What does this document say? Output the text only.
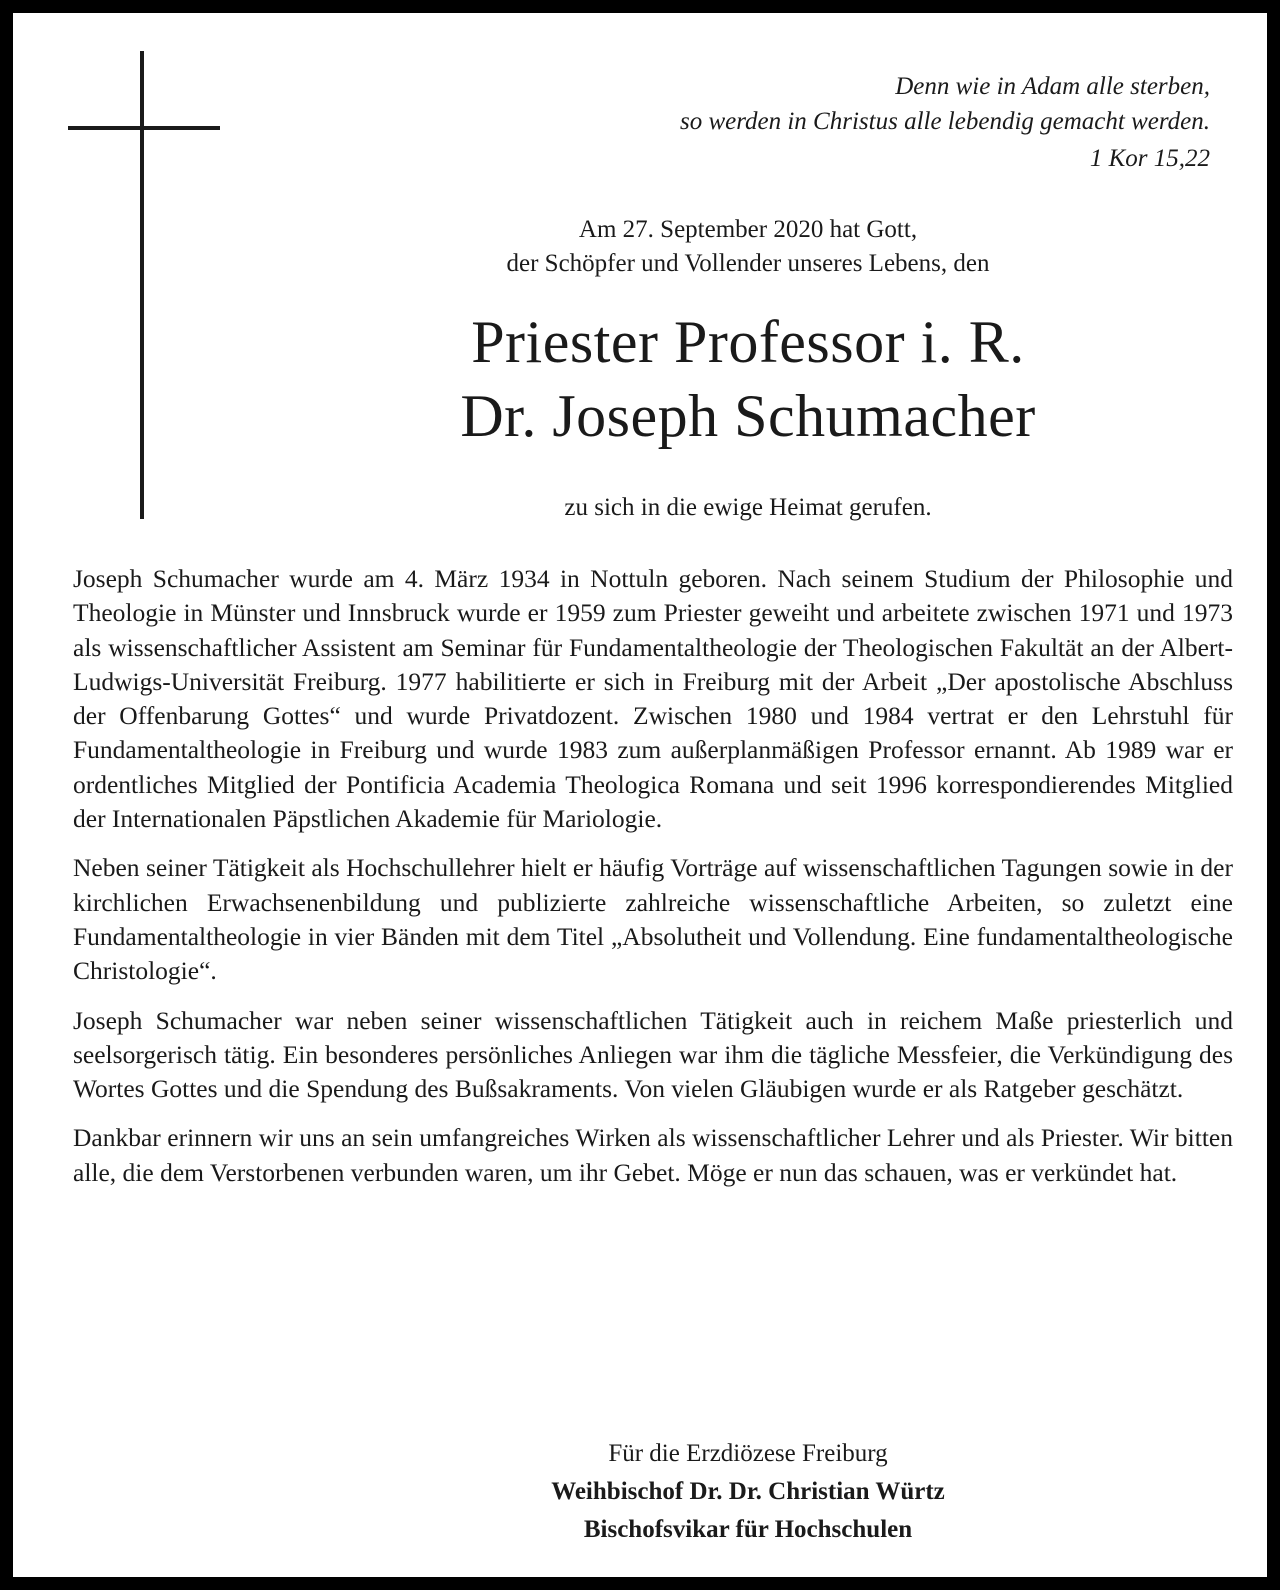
Denn wie in Adam alle sterben,
so werden in Christus alle lebendig gemacht werden.
1 Kor 15,22
Am 27. September 2020 hat Gott,
der Schöpfer und Vollender unseres Lebens, den
Priester Professor i. R.
Dr. Joseph Schumacher
zu sich in die ewige Heimat gerufen.

Joseph Schumacher wurde am 4. März 1934 in Nottuln geboren. Nach seinem Studium der Philosophie und Theologie in Münster und Innsbruck wurde er 1959 zum Priester geweiht und arbeitete zwischen 1971 und 1973 als wissenschaftlicher Assistent am Seminar für Fundamentaltheologie der Theologischen Fakultät an der Albert-Ludwigs-Universität Freiburg. 1977 habilitierte er sich in Freiburg mit der Arbeit „Der apostolische Abschluss der Offenbarung Gottes“ und wurde Privatdozent. Zwischen 1980 und 1984 vertrat er den Lehrstuhl für Fundamentaltheologie in Freiburg und wurde 1983 zum außerplanmäßigen Professor ernannt. Ab 1989 war er ordentliches Mitglied der Pontificia Academia Theologica Romana und seit 1996 korrespondierendes Mitglied der Internationalen Päpstlichen Akademie für Mariologie.

Neben seiner Tätigkeit als Hochschullehrer hielt er häufig Vorträge auf wissenschaftlichen Tagungen sowie in der kirchlichen Erwachsenenbildung und publizierte zahlreiche wissenschaftliche Arbeiten, so zuletzt eine Fundamentaltheologie in vier Bänden mit dem Titel „Absolutheit und Vollendung. Eine fundamentaltheologische Christologie“.

Joseph Schumacher war neben seiner wissenschaftlichen Tätigkeit auch in reichem Maße priesterlich und seelsorgerisch tätig. Ein besonderes persönliches Anliegen war ihm die tägliche Messfeier, die Verkündigung des Wortes Gottes und die Spendung des Bußsakraments. Von vielen Gläubigen wurde er als Ratgeber geschätzt.

Dankbar erinnern wir uns an sein umfangreiches Wirken als wissenschaftlicher Lehrer und als Priester. Wir bitten alle, die dem Verstorbenen verbunden waren, um ihr Gebet. Möge er nun das schauen, was er verkündet hat.

Für die Erzdiözese Freiburg
Weihbischof Dr. Dr. Christian Würtz
Bischofsvikar für Hochschulen
